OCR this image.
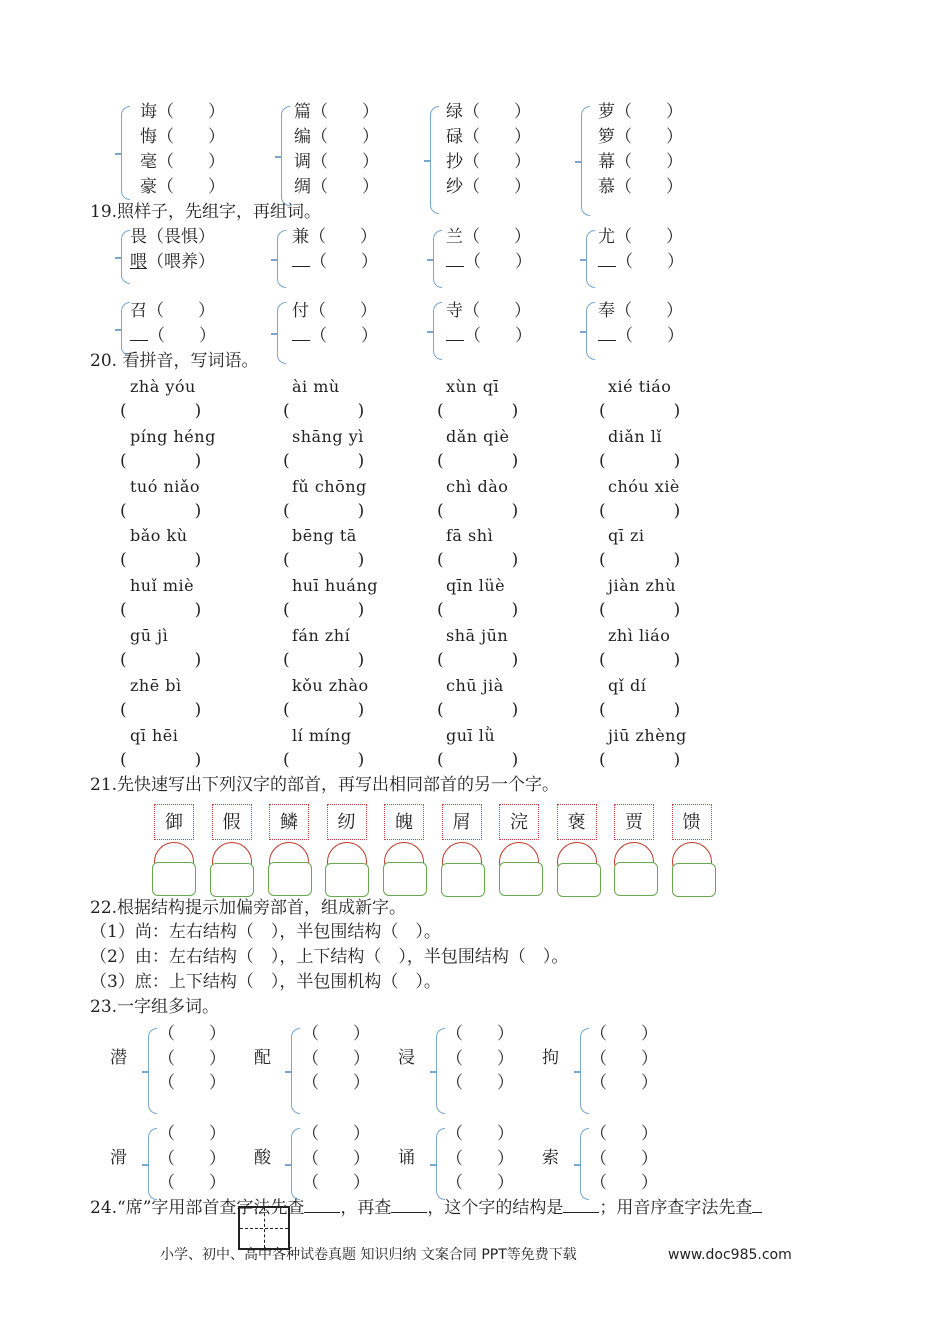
诲（　　）
悔（　　）
毫（　　）
豪（　　）
篇（　　）
编（　　）
调（　　）
绸（　　）
绿（　　）
碌（　　）
抄（　　）
纱（　　）
萝（　　）
箩（　　）
幕（　　）
慕（　　）
19.照样子，先组字，再组词。
畏（畏惧）
喂（喂养）
兼（　　）
（　　）
兰（　　）
（　　）
尤（　　）
（　　）
召（　　）
（　　）
付（　　）
（　　）
寺（　　）
（　　）
奉（　　）
（　　）
20. 看拼音，写词语。
zhà yóu
(　　　　)
ài mù
(　　　　)
xùn qī
(　　　　)
xié tiáo
(　　　　)
píng héng
(　　　　)
shāng yì
(　　　　)
dǎn qiè
(　　　　)
diǎn lǐ
(　　　　)
tuó niǎo
(　　　　)
fǔ chōng
(　　　　)
chì dào
(　　　　)
chóu xiè
(　　　　)
bǎo kù
(　　　　)
bēng tā
(　　　　)
fā shì
(　　　　)
qī zi
(　　　　)
huǐ miè
(　　　　)
huī huáng
(　　　　)
qīn lüè
(　　　　)
jiàn zhù
(　　　　)
gū jì
(　　　　)
fán zhí
(　　　　)
shā jūn
(　　　　)
zhì liáo
(　　　　)
zhē bì
(　　　　)
kǒu zhào
(　　　　)
chū jià
(　　　　)
qǐ dí
(　　　　)
qī hēi
(　　　　)
lí míng
(　　　　)
guī lǜ
(　　　　)
jiū zhèng
(　　　　)
21.先快速写出下列汉字的部首，再写出相同部首的另一个字。
御	假	鳞	纫	魄	屑	浣	褒	贾	馈
22.根据结构提示加偏旁部首，组成新字。
（1）尚：左右结构（　），半包围结构（　）。
（2）由：左右结构（　），上下结构（　），半包围结构（　）。
（3）庶：上下结构（　），半包围机构（　）。
23.一字组多词。
潜
（　　）
（　　）
（　　）
配
（　　）
（　　）
（　　）
浸
（　　）
（　　）
（　　）
拘
（　　）
（　　）
（　　）
滑
（　　）
（　　）
（　　）
酸
（　　）
（　　）
（　　）
诵
（　　）
（　　）
（　　）
索
（　　）
（　　）
（　　）
24.“席”字用部首查字法先查 ，再查 ，这个字的结构是 ；用音序查字法先查
小学、初中、高中各种试卷真题 知识归纳 文案合同 PPT等免费下载	www.doc985.com
